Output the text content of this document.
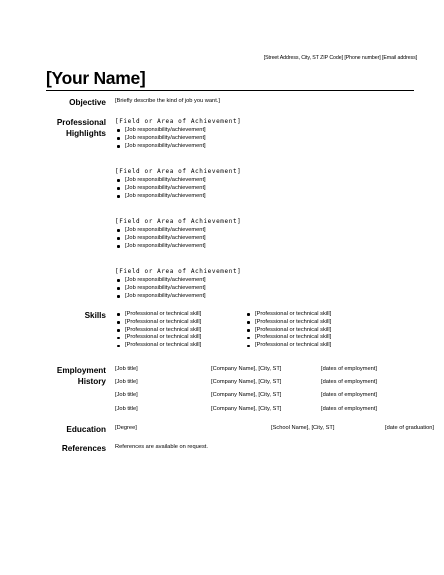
[Street Address, City, ST ZIP Code] [Phone number] [Email address]
[Your Name]
Objective [Briefly describe the kind of job you want.]
Professional
Highlights
[Field or Area of Achievement]
[Job responsibility/achievement]
[Job responsibility/achievement]
[Job responsibility/achievement]
[Field or Area of Achievement]
[Job responsibility/achievement]
[Job responsibility/achievement]
[Job responsibility/achievement]
[Field or Area of Achievement]
[Job responsibility/achievement]
[Job responsibility/achievement]
[Job responsibility/achievement]
[Field or Area of Achievement]
[Job responsibility/achievement]
[Job responsibility/achievement]
[Job responsibility/achievement]
Skills	[Professional or technical skill]
[Professional or technical skill]
[Professional or technical skill]
[Professional or technical skill]
[Professional or technical skill]
[Professional or technical skill]
[Professional or technical skill]
[Professional or technical skill]
[Professional or technical skill]
[Professional or technical skill]
Employment
History
[Job title]	[Company Name], [City, ST]	[dates of employment]
[Job title]	[Company Name], [City, ST]	[dates of employment]
[Job title]	[Company Name], [City, ST]	[dates of employment]
[Job title]	[Company Name], [City, ST]	[dates of employment]
Education [Degree]	[School Name], [City, ST]	[date of graduation]
References References are available on request.
